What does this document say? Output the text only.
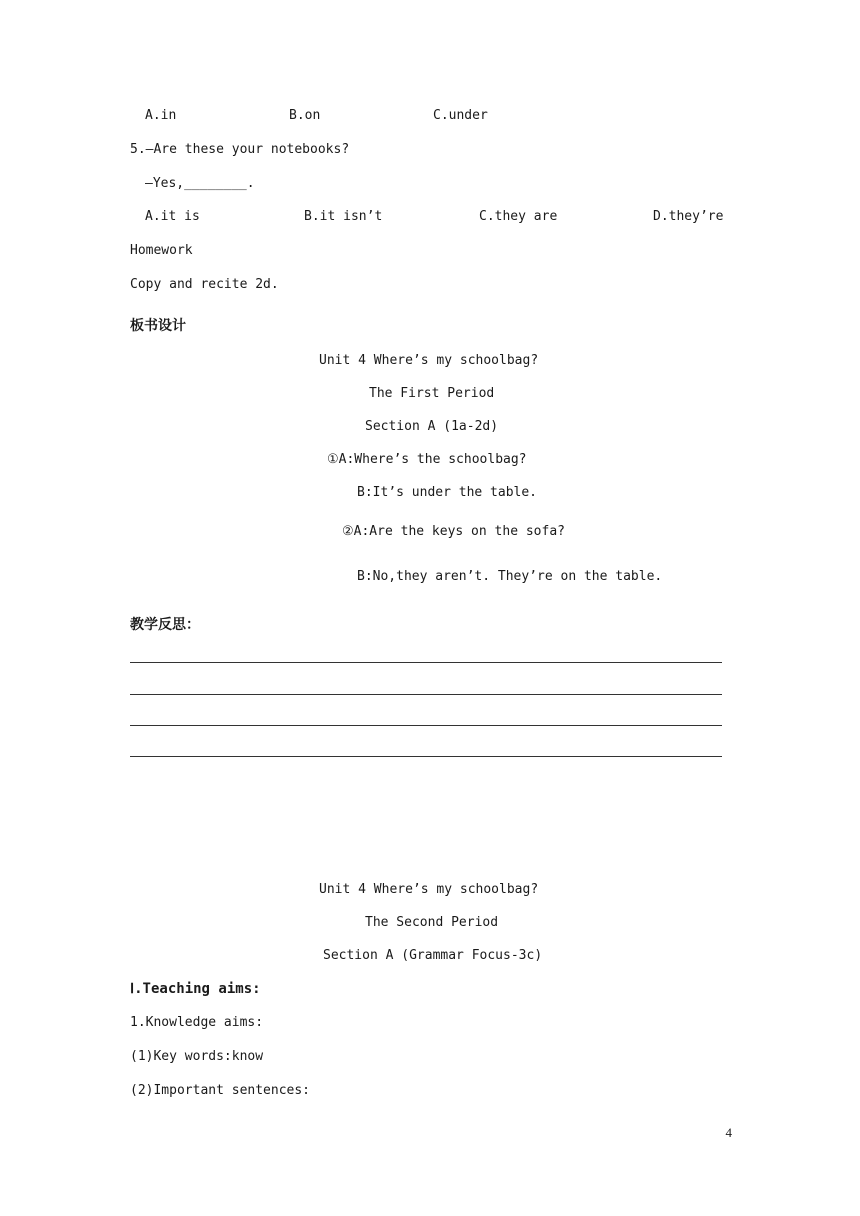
A.in	B.on	C.under
5.—Are these your notebooks?
—Yes,________.
A.it is	B.it isn’t	C.they are	D.they’re
Homework
Copy and recite 2d.
板书设计
Unit 4 Where’s my schoolbag?
The First Period
Section A (1a-2d)
①A:Where’s the schoolbag?
B:It’s under the table.
②A:Are the keys on the sofa?
B:No,they aren’t. They’re on the table.
教学反思：
Unit 4 Where’s my schoolbag?
The Second Period
Section A (Grammar Focus-3c)
Ⅰ.Teaching aims:
1.Knowledge aims:
(1)Key words:know
(2)Important sentences:
4
